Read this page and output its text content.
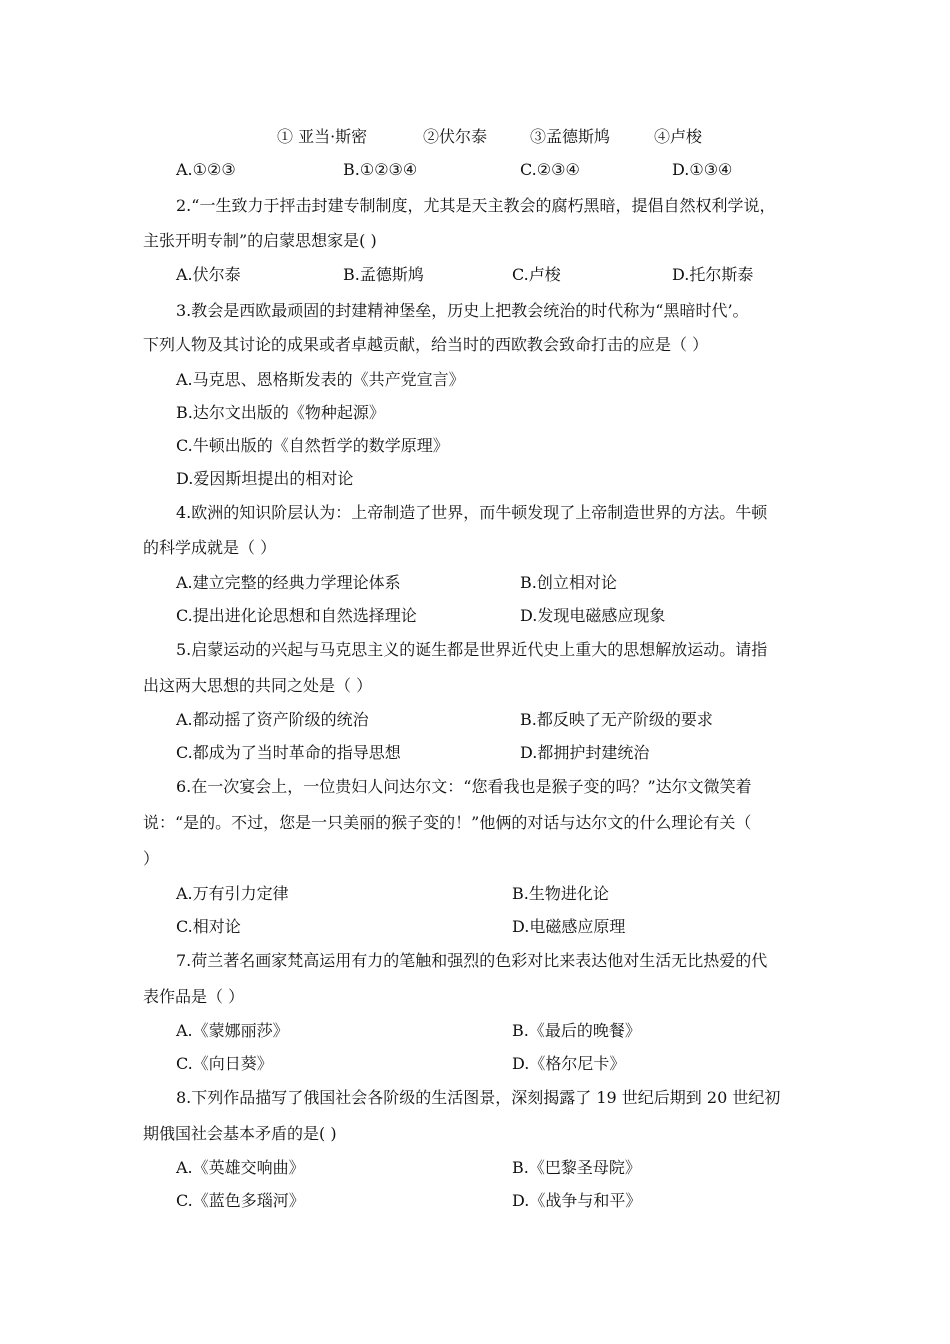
① 亚当·斯密	②伏尔泰	③孟德斯鸠	④卢梭
A.①②③	B.①②③④	C.②③④	D.①③④
2.“一生致力于抨击封建专制制度，尤其是天主教会的腐朽黑暗，提倡自然权利学说，
主张开明专制”的启蒙思想家是( )
A.伏尔泰	B.孟德斯鸠	C.卢梭	D.托尔斯泰
3.教会是西欧最顽固的封建精神堡垒，历史上把教会统治的时代称为“黑暗时代’。
下列人物及其讨论的成果或者卓越贡献，给当时的西欧教会致命打击的应是（ ）
A.马克思、恩格斯发表的《共产党宣言》
B.达尔文出版的《物种起源》
C.牛顿出版的《自然哲学的数学原理》
D.爱因斯坦提出的相对论
4.欧洲的知识阶层认为：上帝制造了世界，而牛顿发现了上帝制造世界的方法。牛顿
的科学成就是（ ）
A.建立完整的经典力学理论体系	B.创立相对论
C.提出进化论思想和自然选择理论	D.发现电磁感应现象
5.启蒙运动的兴起与马克思主义的诞生都是世界近代史上重大的思想解放运动。请指
出这两大思想的共同之处是（ ）
A.都动摇了资产阶级的统治	B.都反映了无产阶级的要求
C.都成为了当时革命的指导思想	D.都拥护封建统治
6.在一次宴会上，一位贵妇人问达尔文：“您看我也是猴子变的吗？”达尔文微笑着
说：“是的。不过，您是一只美丽的猴子变的！”他俩的对话与达尔文的什么理论有关（
）
A.万有引力定律	B.生物进化论
C.相对论	D.电磁感应原理
7.荷兰著名画家梵高运用有力的笔触和强烈的色彩对比来表达他对生活无比热爱的代
表作品是（ ）
A.《蒙娜丽莎》	B.《最后的晚餐》
C.《向日葵》	D.《格尔尼卡》
8.下列作品描写了俄国社会各阶级的生活图景，深刻揭露了 19 世纪后期到 20 世纪初
期俄国社会基本矛盾的是( )
A.《英雄交响曲》	B.《巴黎圣母院》
C.《蓝色多瑙河》	D.《战争与和平》
